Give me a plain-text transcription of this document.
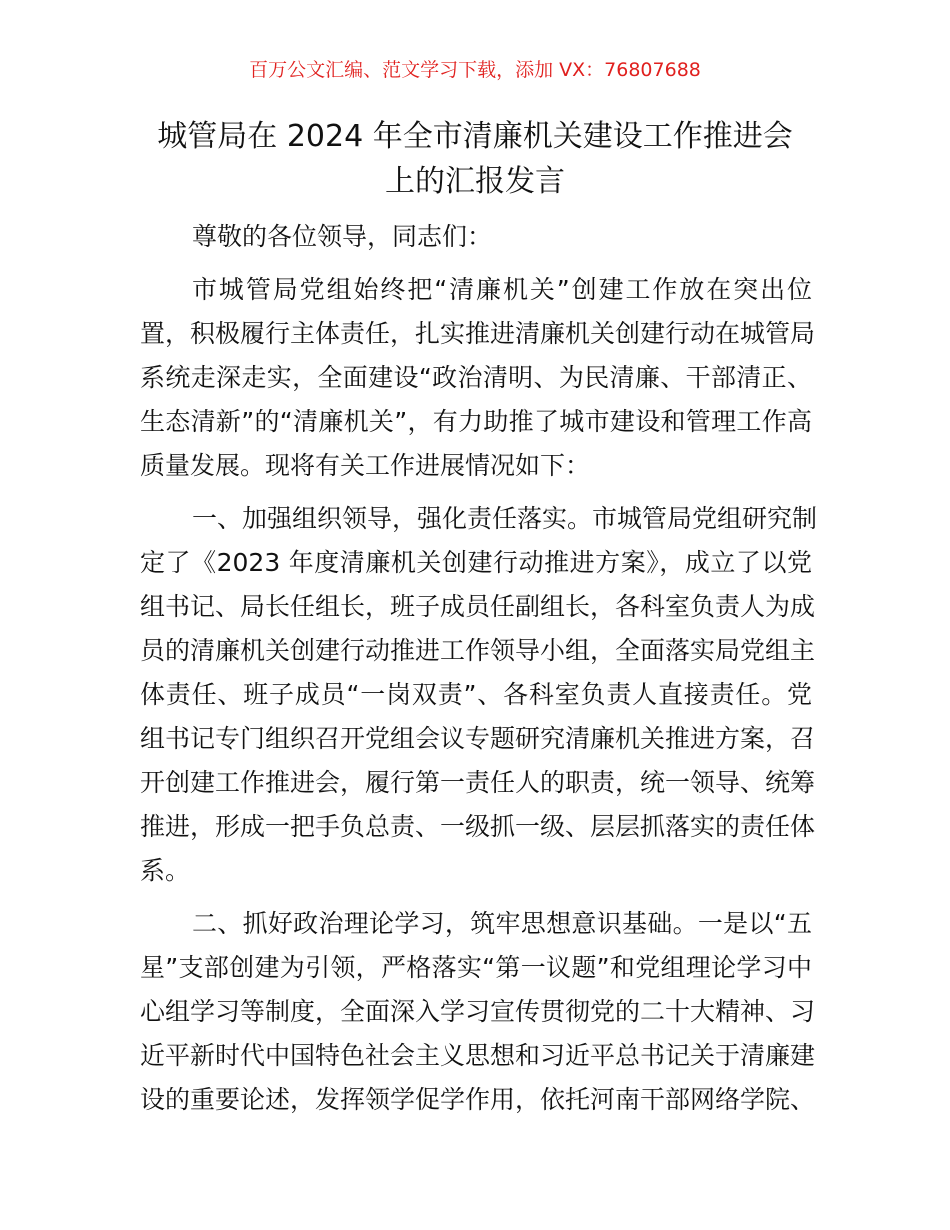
百万公文汇编、范文学习下载，添加 VX：76807688
城管局在 2024 年全市清廉机关建设工作推进会
上的汇报发言
尊敬的各位领导，同志们：
市城管局党组始终把“清廉机关”创建工作放在突出位
置，积极履行主体责任，扎实推进清廉机关创建行动在城管局
系统走深走实，全面建设“政治清明、为民清廉、干部清正、
生态清新”的“清廉机关”，有力助推了城市建设和管理工作高
质量发展。现将有关工作进展情况如下：
一、加强组织领导，强化责任落实。市城管局党组研究制
定了《2023 年度清廉机关创建行动推进方案》，成立了以党
组书记、局长任组长，班子成员任副组长，各科室负责人为成
员的清廉机关创建行动推进工作领导小组，全面落实局党组主
体责任、班子成员“一岗双责”、各科室负责人直接责任。党
组书记专门组织召开党组会议专题研究清廉机关推进方案，召
开创建工作推进会，履行第一责任人的职责，统一领导、统筹
推进，形成一把手负总责、一级抓一级、层层抓落实的责任体
系。
二、抓好政治理论学习，筑牢思想意识基础。一是以“五
星”支部创建为引领，严格落实“第一议题”和党组理论学习中
心组学习等制度，全面深入学习宣传贯彻党的二十大精神、习
近平新时代中国特色社会主义思想和习近平总书记关于清廉建
设的重要论述，发挥领学促学作用，依托河南干部网络学院、
